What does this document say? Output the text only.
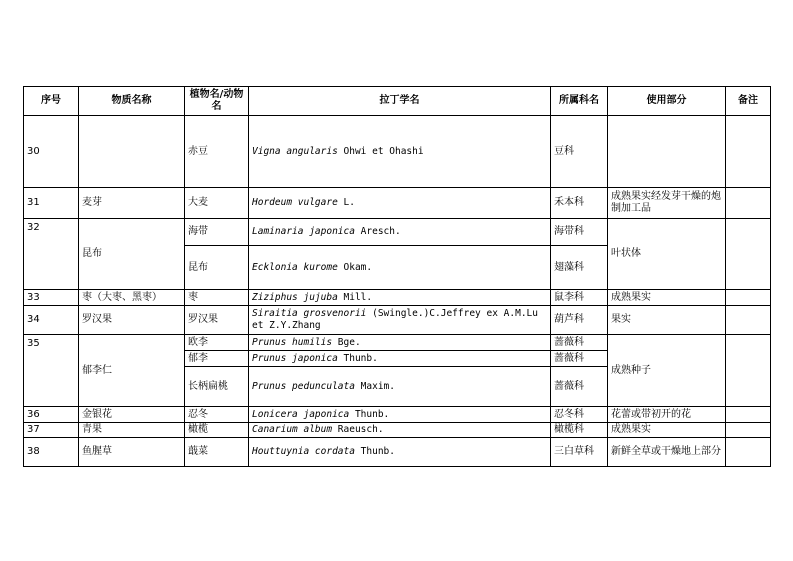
序号	物质名称	植物名/动物名	拉丁学名	所属科名	使用部分	备注
30		赤豆	Vigna angularis Ohwi et Ohashi	豆科		
31	麦芽	大麦	Hordeum vulgare L.	禾本科	成熟果实经发芽干燥的炮制加工品	
32	昆布	海带	Laminaria japonica Aresch.	海带科	叶状体	
		昆布	Ecklonia kurome Okam.	翅藻科		
33	枣（大枣、黑枣）	枣	Ziziphus jujuba Mill.	鼠李科	成熟果实	
34	罗汉果	罗汉果	Siraitia grosvenorii (Swingle.)C.Jeffrey ex A.M.Lu et Z.Y.Zhang	葫芦科	果实	
35	郁李仁	欧李	Prunus humilis Bge.	蔷薇科	成熟种子	
		郁李	Prunus japonica Thunb.	蔷薇科		
		长柄扁桃	Prunus pedunculata Maxim.	蔷薇科		
36	金银花	忍冬	Lonicera japonica Thunb.	忍冬科	花蕾或带初开的花	
37	青果	橄榄	Canarium album Raeusch.	橄榄科	成熟果实	
38	鱼腥草	蕺菜	Houttuynia cordata Thunb.	三白草科	新鲜全草或干燥地上部分	
